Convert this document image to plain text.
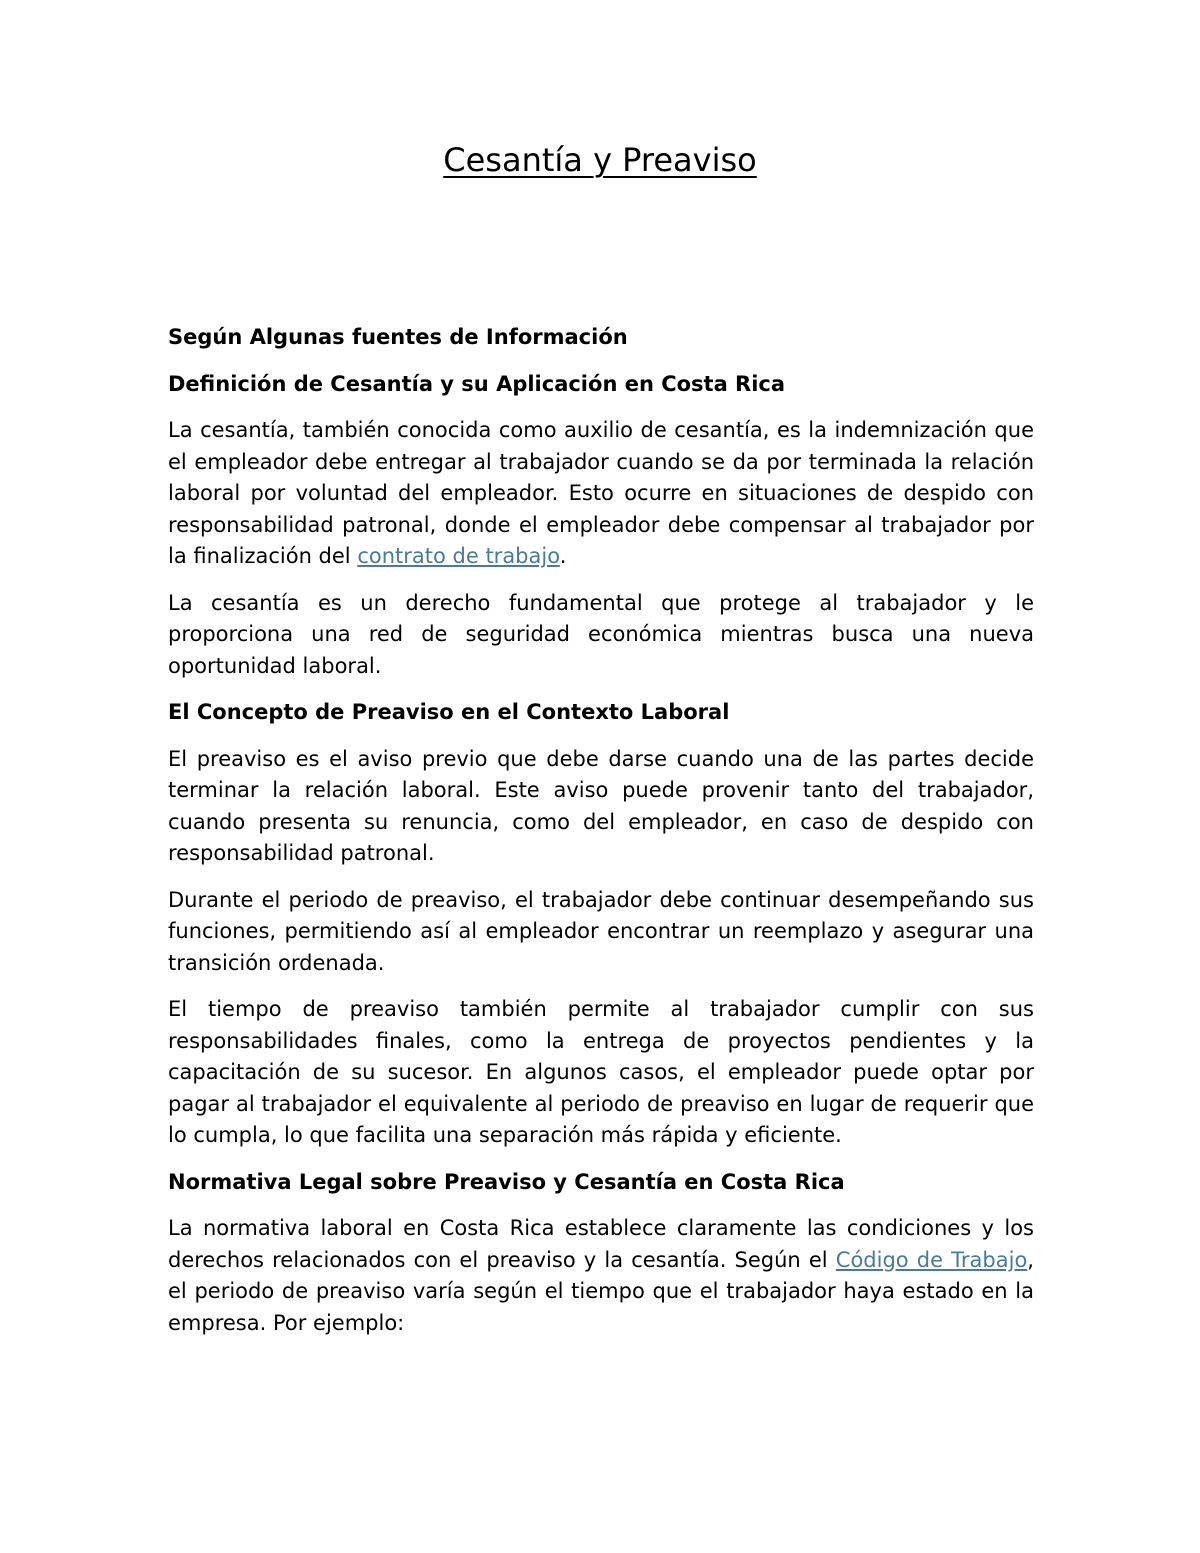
Cesantía y Preaviso
Según Algunas fuentes de Información
Definición de Cesantía y su Aplicación en Costa Rica

La cesantía, también conocida como auxilio de cesantía, es la indemnización que el empleador debe entregar al trabajador cuando se da por terminada la relación laboral por voluntad del empleador. Esto ocurre en situaciones de despido con responsabilidad patronal, donde el empleador debe compensar al trabajador por la finalización del contrato de trabajo.

La cesantía es un derecho fundamental que protege al trabajador y le proporciona una red de seguridad económica mientras busca una nueva oportunidad laboral.

El Concepto de Preaviso en el Contexto Laboral

El preaviso es el aviso previo que debe darse cuando una de las partes decide terminar la relación laboral. Este aviso puede provenir tanto del trabajador, cuando presenta su renuncia, como del empleador, en caso de despido con responsabilidad patronal.

Durante el periodo de preaviso, el trabajador debe continuar desempeñando sus funciones, permitiendo así al empleador encontrar un reemplazo y asegurar una transición ordenada.

El tiempo de preaviso también permite al trabajador cumplir con sus responsabilidades finales, como la entrega de proyectos pendientes y la capacitación de su sucesor. En algunos casos, el empleador puede optar por pagar al trabajador el equivalente al periodo de preaviso en lugar de requerir que lo cumpla, lo que facilita una separación más rápida y eficiente.

Normativa Legal sobre Preaviso y Cesantía en Costa Rica

La normativa laboral en Costa Rica establece claramente las condiciones y los derechos relacionados con el preaviso y la cesantía. Según el Código de Trabajo, el periodo de preaviso varía según el tiempo que el trabajador haya estado en la empresa. Por ejemplo:
